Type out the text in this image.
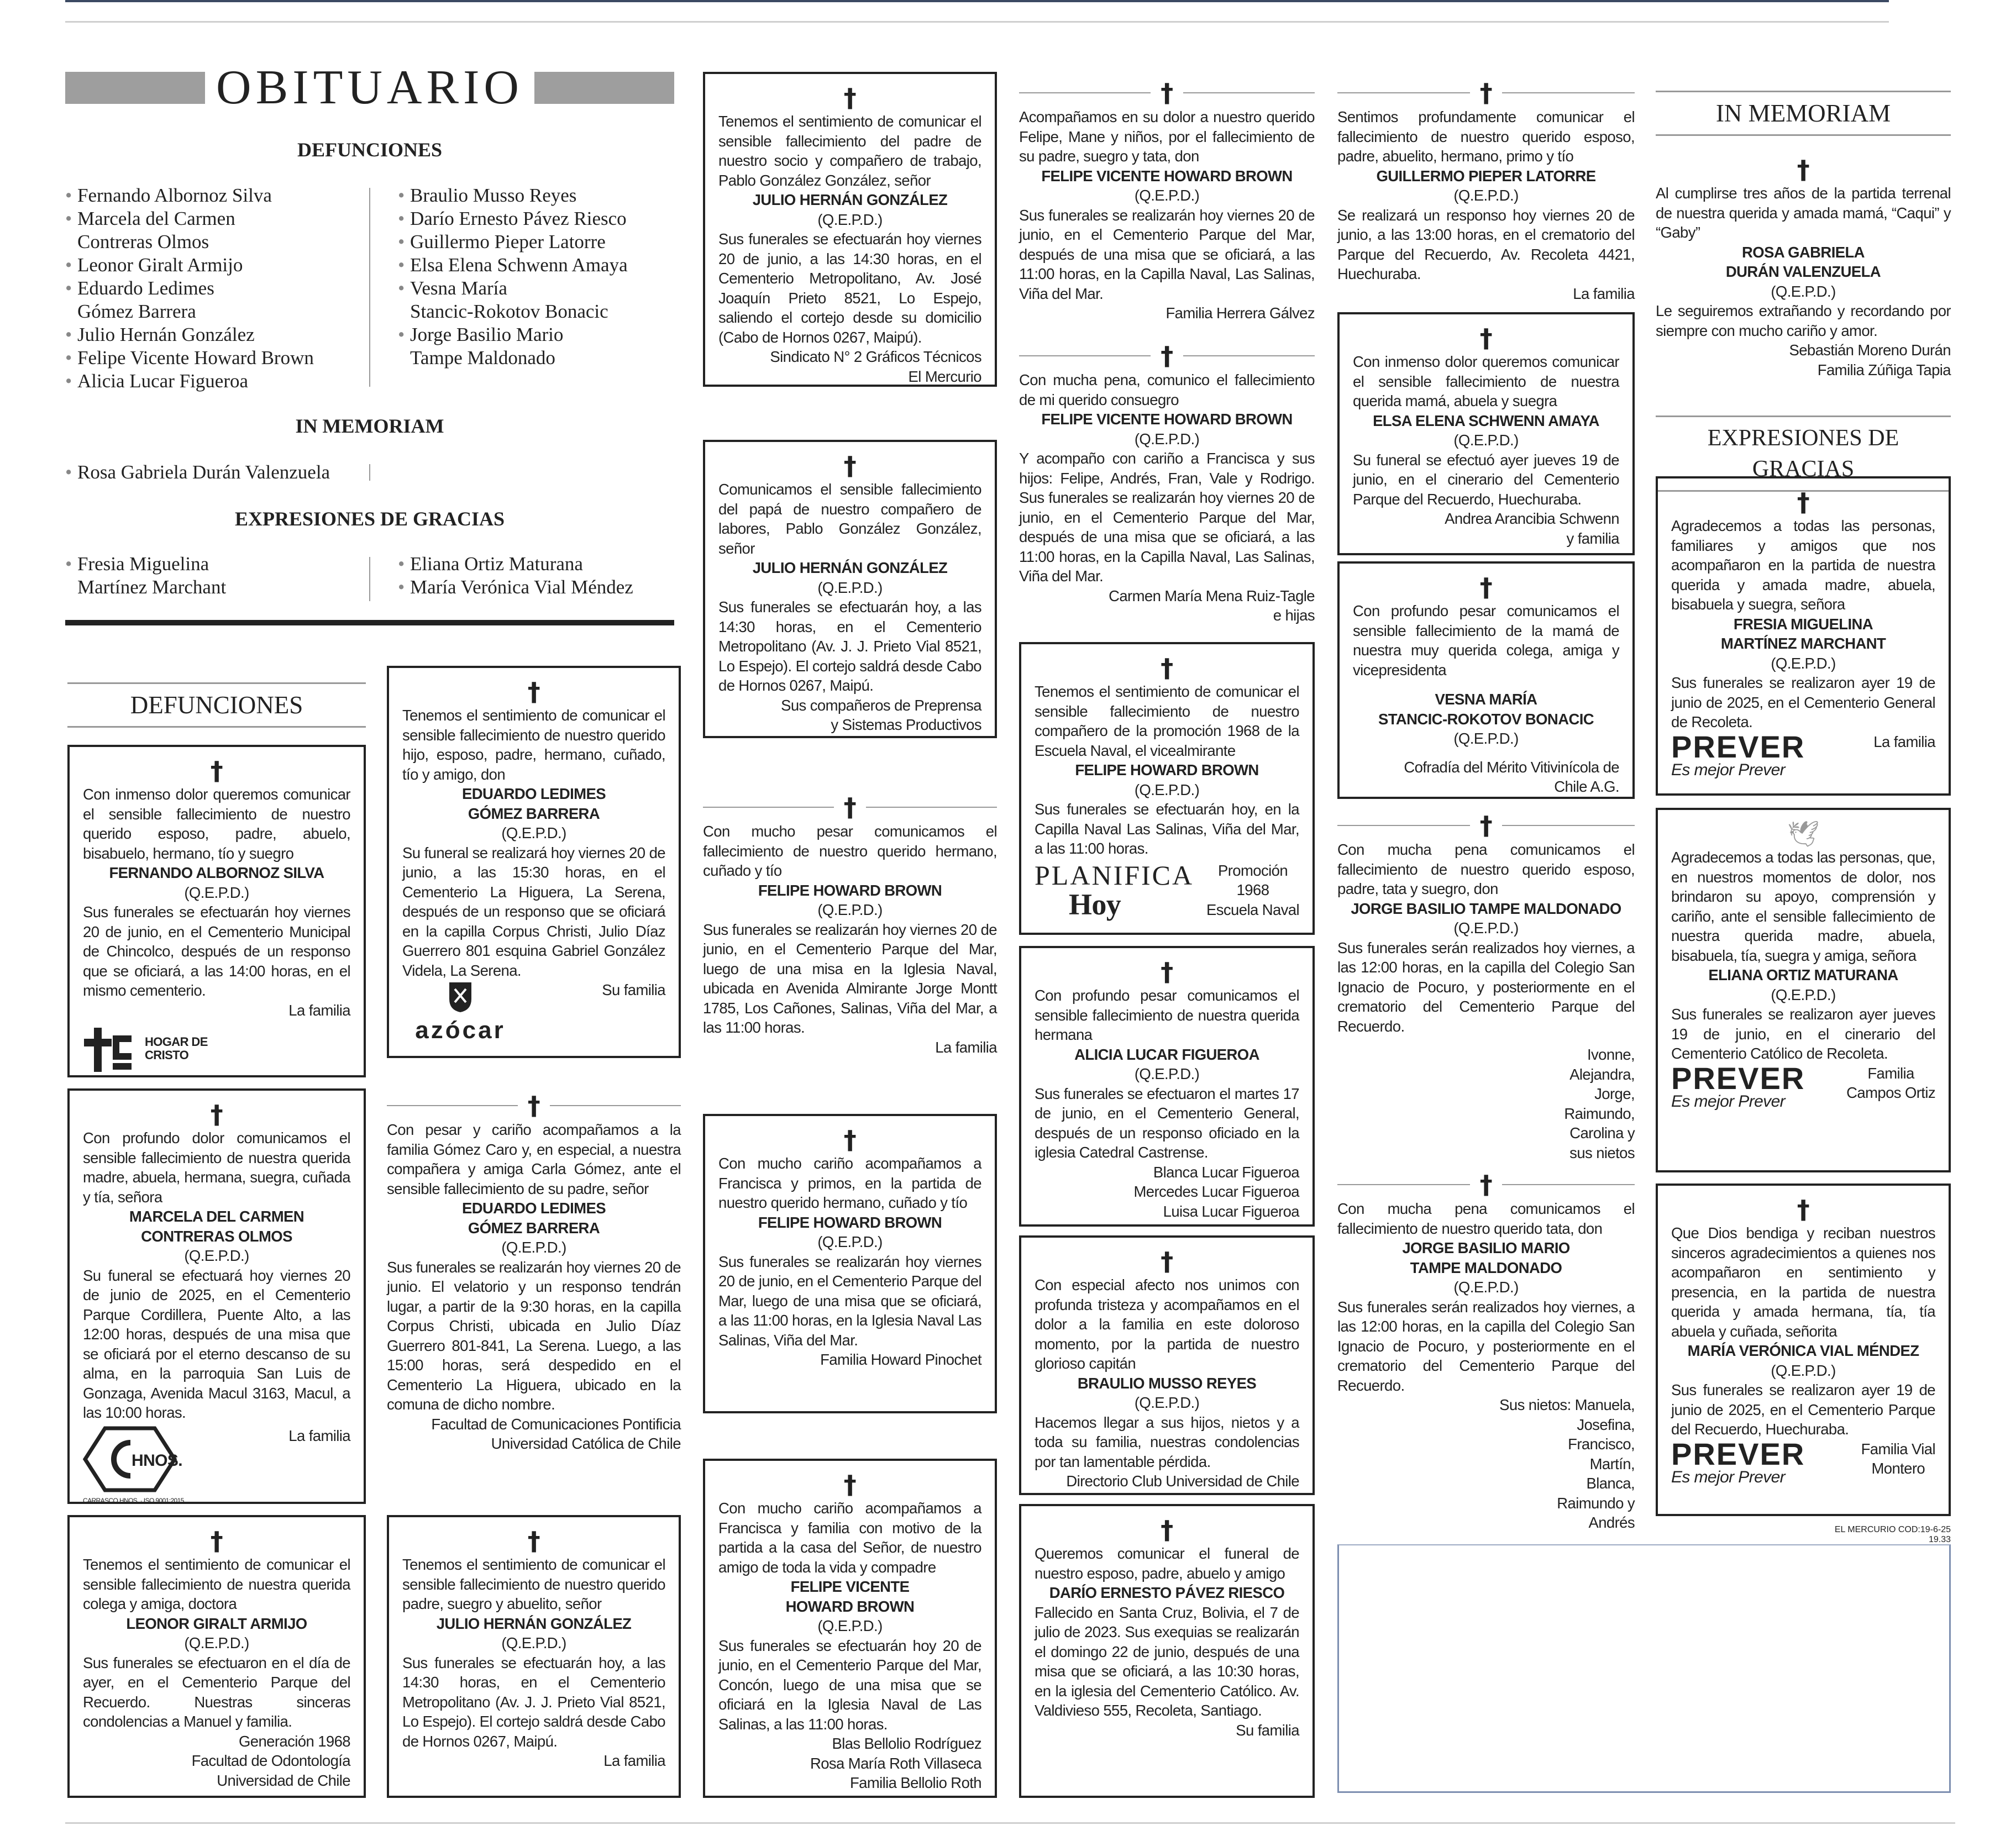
OBITUARIO
DEFUNCIONES
• Fernando Albornoz Silva
• Marcela del Carmen
Contreras Olmos
• Leonor Giralt Armijo
• Eduardo Ledimes
Gómez Barrera
• Julio Hernán González
• Felipe Vicente Howard Brown
• Alicia Lucar Figueroa
• Braulio Musso Reyes
• Darío Ernesto Pávez Riesco
• Guillermo Pieper Latorre
• Elsa Elena Schwenn Amaya
• Vesna María
Stancic-Rokotov Bonacic
• Jorge Basilio Mario
Tampe Maldonado
IN MEMORIAM
• Rosa Gabriela Durán Valenzuela
EXPRESIONES DE GRACIAS
• Fresia Miguelina
Martínez Marchant
• Eliana Ortiz Maturana
• María Verónica Vial Méndez
DEFUNCIONES
†

Con inmenso dolor queremos comunicar el sensible fallecimiento de nuestro querido esposo, padre, abuelo, bisabuelo, hermano, tío y suegro

FERNANDO ALBORNOZ SILVA
(Q.E.P.D.)

Sus funerales se efectuarán hoy viernes 20 de junio, en el Cementerio Municipal de Chincolco, después de un responso que se oficiará, a las 14:00 horas, en el mismo cementerio.

La familia
HOGAR DE CRISTO
†

Con profundo dolor comunicamos el sensible fallecimiento de nuestra querida madre, abuela, hermana, suegra, cuñada y tía, señora

MARCELA DEL CARMEN
CONTRERAS OLMOS
(Q.E.P.D.)

Su funeral se efectuará hoy viernes 20 de junio de 2025, en el Cementerio Parque Cordillera, Puente Alto, a las 12:00 horas, después de una misa que se oficiará por el eterno descanso de su alma, en la parroquia San Luis de Gonzaga, Avenida Macul 3163, Macul, a las 10:00 horas.

HNOS.
CARRASCO HNOS. · ISO 9001:2015
La familia
†

Tenemos el sentimiento de comunicar el sensible fallecimiento de nuestra querida colega y amiga, doctora

LEONOR GIRALT ARMIJO
(Q.E.P.D.)

Sus funerales se efectuaron en el día de ayer, en el Cementerio Parque del Recuerdo. Nuestras sinceras condolencias a Manuel y familia.

Generación 1968
Facultad de Odontología
Universidad de Chile
†

Tenemos el sentimiento de comunicar el sensible fallecimiento de nuestro querido hijo, esposo, padre, hermano, cuñado, tío y amigo, don

EDUARDO LEDIMES
GÓMEZ BARRERA
(Q.E.P.D.)

Su funeral se realizará hoy viernes 20 de junio, a las 15:30 horas, en el Cementerio La Higuera, La Serena, después de un responso que se oficiará en la capilla Corpus Christi, Julio Díaz Guerrero 801 esquina Gabriel González Videla, La Serena.

azócar
Su familia
†

Con pesar y cariño acompañamos a la familia Gómez Caro y, en especial, a nuestra compañera y amiga Carla Gómez, ante el sensible fallecimiento de su padre, señor

EDUARDO LEDIMES
GÓMEZ BARRERA
(Q.E.P.D.)

Sus funerales se realizarán hoy viernes 20 de junio. El velatorio y un responso tendrán lugar, a partir de la 9:30 horas, en la capilla Corpus Christi, ubicada en Julio Díaz Guerrero 801-841, La Serena. Luego, a las 15:00 horas, será despedido en el Cementerio La Higuera, ubicado en la comuna de dicho nombre.

Facultad de Comunicaciones Pontificia
Universidad Católica de Chile
†

Tenemos el sentimiento de comunicar el sensible fallecimiento de nuestro querido padre, suegro y abuelito, señor

JULIO HERNÁN GONZÁLEZ
(Q.E.P.D.)

Sus funerales se efectuarán hoy, a las 14:30 horas, en el Cementerio Metropolitano (Av. J. J. Prieto Vial 8521, Lo Espejo). El cortejo saldrá desde Cabo de Hornos 0267, Maipú.

La familia
†

Tenemos el sentimiento de comunicar el sensible fallecimiento del padre de nuestro socio y compañero de trabajo, Pablo González González, señor

JULIO HERNÁN GONZÁLEZ
(Q.E.P.D.)

Sus funerales se efectuarán hoy viernes 20 de junio, a las 14:30 horas, en el Cementerio Metropolitano, Av. José Joaquín Prieto 8521, Lo Espejo, saliendo el cortejo desde su domicilio (Cabo de Hornos 0267, Maipú).

Sindicato N° 2 Gráficos Técnicos
El Mercurio
†

Comunicamos el sensible fallecimiento del papá de nuestro compañero de labores, Pablo González González, señor

JULIO HERNÁN GONZÁLEZ
(Q.E.P.D.)

Sus funerales se efectuarán hoy, a las 14:30 horas, en el Cementerio Metropolitano (Av. J. J. Prieto Vial 8521, Lo Espejo). El cortejo saldrá desde Cabo de Hornos 0267, Maipú.

Sus compañeros de Preprensa
y Sistemas Productivos
†

Con mucho pesar comunicamos el fallecimiento de nuestro querido hermano, cuñado y tío

FELIPE HOWARD BROWN
(Q.E.P.D.)

Sus funerales se realizarán hoy viernes 20 de junio, en el Cementerio Parque del Mar, luego de una misa en la Iglesia Naval, ubicada en Avenida Almirante Jorge Montt 1785, Los Cañones, Salinas, Viña del Mar, a las 11:00 horas.

La familia
†

Con mucho cariño acompañamos a Francisca y primos, en la partida de nuestro querido hermano, cuñado y tío

FELIPE HOWARD BROWN
(Q.E.P.D.)

Sus funerales se realizarán hoy viernes 20 de junio, en el Cementerio Parque del Mar, luego de una misa que se oficiará, a las 11:00 horas, en la Iglesia Naval Las Salinas, Viña del Mar.

Familia Howard Pinochet
†

Con mucho cariño acompañamos a Francisca y familia con motivo de la partida a la casa del Señor, de nuestro amigo de toda la vida y compadre

FELIPE VICENTE
HOWARD BROWN
(Q.E.P.D.)

Sus funerales se efectuarán hoy 20 de junio, en el Cementerio Parque del Mar, Concón, luego de una misa que se oficiará en la Iglesia Naval de Las Salinas, a las 11:00 horas.

Blas Bellolio Rodríguez
Rosa María Roth Villaseca
Familia Bellolio Roth
†

Acompañamos en su dolor a nuestro querido Felipe, Mane y niños, por el fallecimiento de su padre, suegro y tata, don

FELIPE VICENTE HOWARD BROWN
(Q.E.P.D.)

Sus funerales se realizarán hoy viernes 20 de junio, en el Cementerio Parque del Mar, después de una misa que se oficiará, a las 11:00 horas, en la Capilla Naval, Las Salinas, Viña del Mar.

Familia Herrera Gálvez
†

Con mucha pena, comunico el fallecimiento de mi querido consuegro

FELIPE VICENTE HOWARD BROWN
(Q.E.P.D.)

Y acompaño con cariño a Francisca y sus hijos: Felipe, Andrés, Fran, Vale y Rodrigo. Sus funerales se realizarán hoy viernes 20 de junio, en el Cementerio Parque del Mar, después de una misa que se oficiará, a las 11:00 horas, en la Capilla Naval, Las Salinas, Viña del Mar.

Carmen María Mena Ruiz-Tagle
e hijas
†

Tenemos el sentimiento de comunicar el sensible fallecimiento de nuestro compañero de la promoción 1968 de la Escuela Naval, el vicealmirante

FELIPE HOWARD BROWN
(Q.E.P.D.)

Sus funerales se efectuarán hoy, en la Capilla Naval Las Salinas, Viña del Mar, a las 11:00 horas.

PLANIFICA
Hoy
Promoción
1968
Escuela Naval
†

Con profundo pesar comunicamos el sensible fallecimiento de nuestra querida hermana

ALICIA LUCAR FIGUEROA
(Q.E.P.D.)

Sus funerales se efectuaron el martes 17 de junio, en el Cementerio General, después de un responso oficiado en la iglesia Catedral Castrense.

Blanca Lucar Figueroa
Mercedes Lucar Figueroa
Luisa Lucar Figueroa
†

Con especial afecto nos unimos con profunda tristeza y acompañamos en el dolor a la familia en este doloroso momento, por la partida de nuestro glorioso capitán

BRAULIO MUSSO REYES
(Q.E.P.D.)

Hacemos llegar a sus hijos, nietos y a toda su familia, nuestras condolencias por tan lamentable pérdida.

Directorio Club Universidad de Chile
†

Queremos comunicar el funeral de nuestro esposo, padre, abuelo y amigo

DARÍO ERNESTO PÁVEZ RIESCO

Fallecido en Santa Cruz, Bolivia, el 7 de julio de 2023. Sus exequias se realizarán el domingo 22 de junio, después de una misa que se oficiará, a las 10:30 horas, en la iglesia del Cementerio Católico. Av. Valdivieso 555, Recoleta, Santiago.

Su familia
†

Sentimos profundamente comunicar el fallecimiento de nuestro querido esposo, padre, abuelito, hermano, primo y tío

GUILLERMO PIEPER LATORRE
(Q.E.P.D.)

Se realizará un responso hoy viernes 20 de junio, a las 13:00 horas, en el crematorio del Parque del Recuerdo, Av. Recoleta 4421, Huechuraba.

La familia
†

Con inmenso dolor queremos comunicar el sensible fallecimiento de nuestra querida mamá, abuela y suegra

ELSA ELENA SCHWENN AMAYA
(Q.E.P.D.)

Su funeral se efectuó ayer jueves 19 de junio, en el cinerario del Cementerio Parque del Recuerdo, Huechuraba.

Andrea Arancibia Schwenn
y familia
†

Con profundo pesar comunicamos el sensible fallecimiento de la mamá de nuestra muy querida colega, amiga y vicepresidenta

VESNA MARÍA
STANCIC-ROKOTOV BONACIC
(Q.E.P.D.)
Cofradía del Mérito Vitivinícola de
Chile A.G.
†

Con mucha pena comunicamos el fallecimiento de nuestro querido esposo, padre, tata y suegro, don

JORGE BASILIO TAMPE MALDONADO
(Q.E.P.D.)

Sus funerales serán realizados hoy viernes, a las 12:00 horas, en la capilla del Colegio San Ignacio de Pocuro, y posteriormente en el crematorio del Cementerio Parque del Recuerdo.

Ivonne,
Alejandra,
Jorge,
Raimundo,
Carolina y
sus nietos
†

Con mucha pena comunicamos el fallecimiento de nuestro querido tata, don

JORGE BASILIO MARIO
TAMPE MALDONADO
(Q.E.P.D.)

Sus funerales serán realizados hoy viernes, a las 12:00 horas, en la capilla del Colegio San Ignacio de Pocuro, y posteriormente en el crematorio del Cementerio Parque del Recuerdo.

Sus nietos: Manuela,
Josefina,
Francisco,
Martín,
Blanca,
Raimundo y
Andrés
IN MEMORIAM
†

Al cumplirse tres años de la partida terrenal de nuestra querida y amada mamá, “Caqui” y “Gaby”

ROSA GABRIELA
DURÁN VALENZUELA
(Q.E.P.D.)

Le seguiremos extrañando y recordando por siempre con mucho cariño y amor.

Sebastián Moreno Durán
Familia Zúñiga Tapia
EXPRESIONES DE GRACIAS
†

Agradecemos a todas las personas, familiares y amigos que nos acompañaron en la partida de nuestra querida y amada madre, abuela, bisabuela y suegra, señora

FRESIA MIGUELINA
MARTÍNEZ MARCHANT
(Q.E.P.D.)

Sus funerales se realizaron ayer 19 de junio de 2025, en el Cementerio General de Recoleta.

PREVER
Es mejor Prever
La familia
🕊

Agradecemos a todas las personas, que, en nuestros momentos de dolor, nos brindaron su apoyo, comprensión y cariño, ante el sensible fallecimiento de nuestra querida madre, abuela, bisabuela, tía, suegra y amiga, señora

ELIANA ORTIZ MATURANA
(Q.E.P.D.)

Sus funerales se realizaron ayer jueves 19 de junio, en el cinerario del Cementerio Católico de Recoleta.

PREVER
Es mejor Prever
Familia
Campos Ortiz
†

Que Dios bendiga y reciban nuestros sinceros agradecimientos a quienes nos acompañaron en sentimiento y presencia, en la partida de nuestra querida y amada hermana, tía, tía abuela y cuñada, señorita

MARÍA VERÓNICA VIAL MÉNDEZ
(Q.E.P.D.)

Sus funerales se realizaron ayer 19 de junio de 2025, en el Cementerio Parque del Recuerdo, Huechuraba.

PREVER
Es mejor Prever
Familia Vial
Montero
EL MERCURIO COD:19-6-25 19.33
